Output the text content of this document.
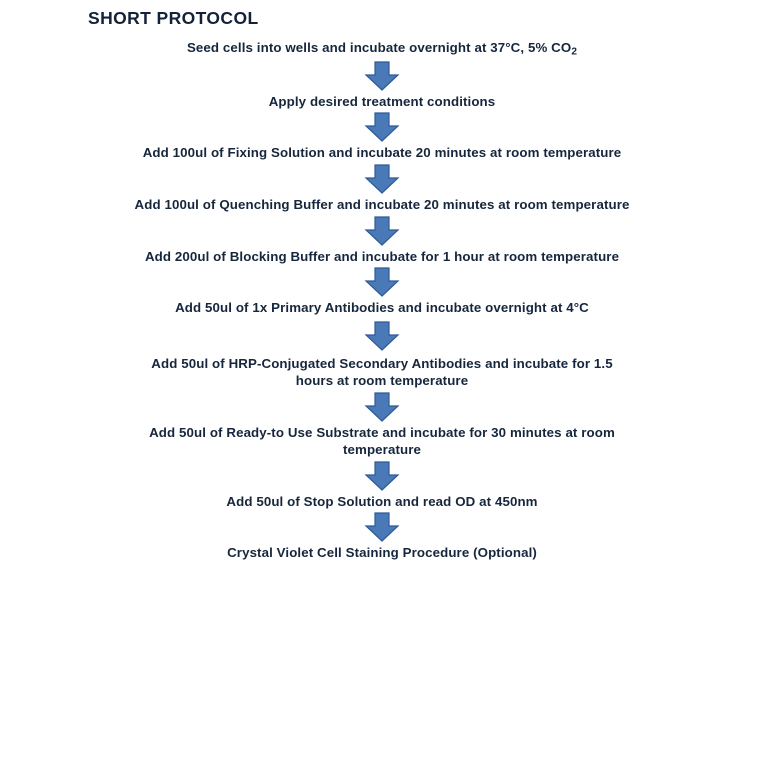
SHORT PROTOCOL
Seed cells into wells and incubate overnight at 37°C, 5% $CO_2$
Apply desired treatment conditions
Add 100ul of Fixing Solution and incubate 20 minutes at room temperature
Add 100ul of Quenching Buffer and incubate 20 minutes at room temperature
Add 200ul of Blocking Buffer and incubate for 1 hour at room temperature
Add 50ul of 1x Primary Antibodies and incubate overnight at 4°C
Add 50ul of HRP-Conjugated Secondary Antibodies and incubate for 1.5 hours at room temperature
Add 50ul of Ready-to Use Substrate and incubate for 30 minutes at room temperature
Add 50ul of Stop Solution and read OD at 450nm
Crystal Violet Cell Staining Procedure (Optional)
